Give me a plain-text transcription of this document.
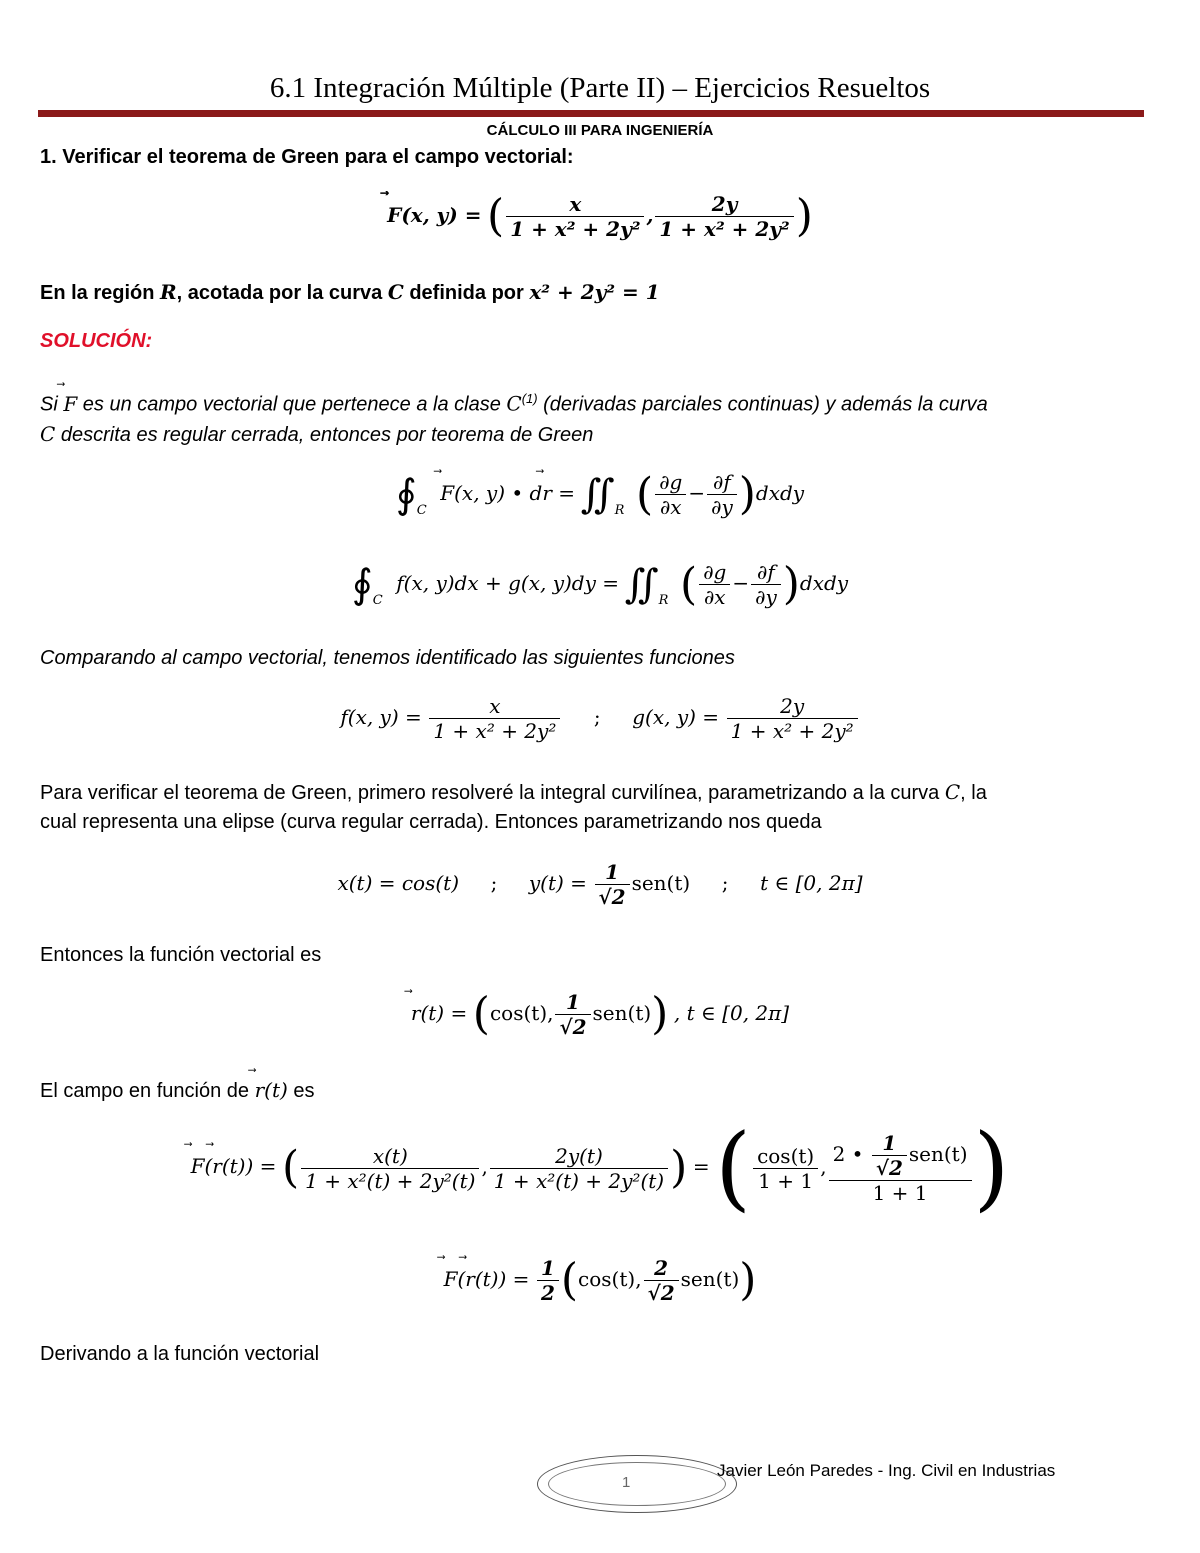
6.1 Integración Múltiple (Parte II) – Ejercicios Resueltos
CÁLCULO III PARA INGENIERÍA
1. Verificar el teorema de Green para el campo vectorial:
⃗ F(x, y) = ( $\frac{x}{\text{1 + x² + 2y²}}$ , $\frac{2y}{\text{1 + x² + 2y²}}$ )
En la región R, acotada por la curva C definida por x² + 2y² = 1
SOLUCIÓN:
Si ⃗ F es un campo vectorial que pertenece a la clase $C^{(1)}$ (derivadas parciales continuas) y además la curva
C descrita es regular cerrada, entonces por teorema de Green
$∮_C$ ⃗ F(x, y) • d⃗ $r = ∬_R$ ( $\frac{\partial g}{\partial x} - \frac{\partial f}{\partial y}$ )dxdy
$∮_C$ f(x, y)dx + g(x, $y)dy = ∬_R$ ( $\frac{\partial g}{\partial x} - \frac{\partial f}{\partial y}$ )dxdy
Comparando al campo vectorial, tenemos identificado las siguientes funciones
f(x, $y) = \frac{x}{\text{1 + x² + 2y²}}$ ; g(x, $y) = \frac{2y}{\text{1 + x² + 2y²}}$
Para verificar el teorema de Green, primero resolveré la integral curvilínea, parametrizando a la curva C, la
cual representa una elipse (curva regular cerrada). Entonces parametrizando nos queda
x(t) = cos(t) ; $y(t) = \frac{1}{√2} sen(t)$ ; t ∈ [0, 2π]
Entonces la función vectorial es
⃗ r(t) = (cos(t), $\frac{1}{√2} sen(t)$) , t ∈ [0, 2π]
El campo en función de ⃗ r(t) es
⃗ F(⃗ r(t)) = ( $\frac{x(t)}{\text{1 + x²(t) + 2y²(t)}}$ , $\frac{2y(t)}{\text{1 + x²(t) + 2y²(t)}}$ ) = ( $\frac{\cos(t)}{1 + 1}$ , $\frac{2 • \frac{1}{√2} sen(t)}{1 + 1}$ )
⃗ F(⃗ $r(t)) = \frac{1}{2} (\cos(t)$, $\frac{2}{√2} sen(t)$)
Derivando a la función vectorial
1
Javier León Paredes - Ing. Civil en Industrias
